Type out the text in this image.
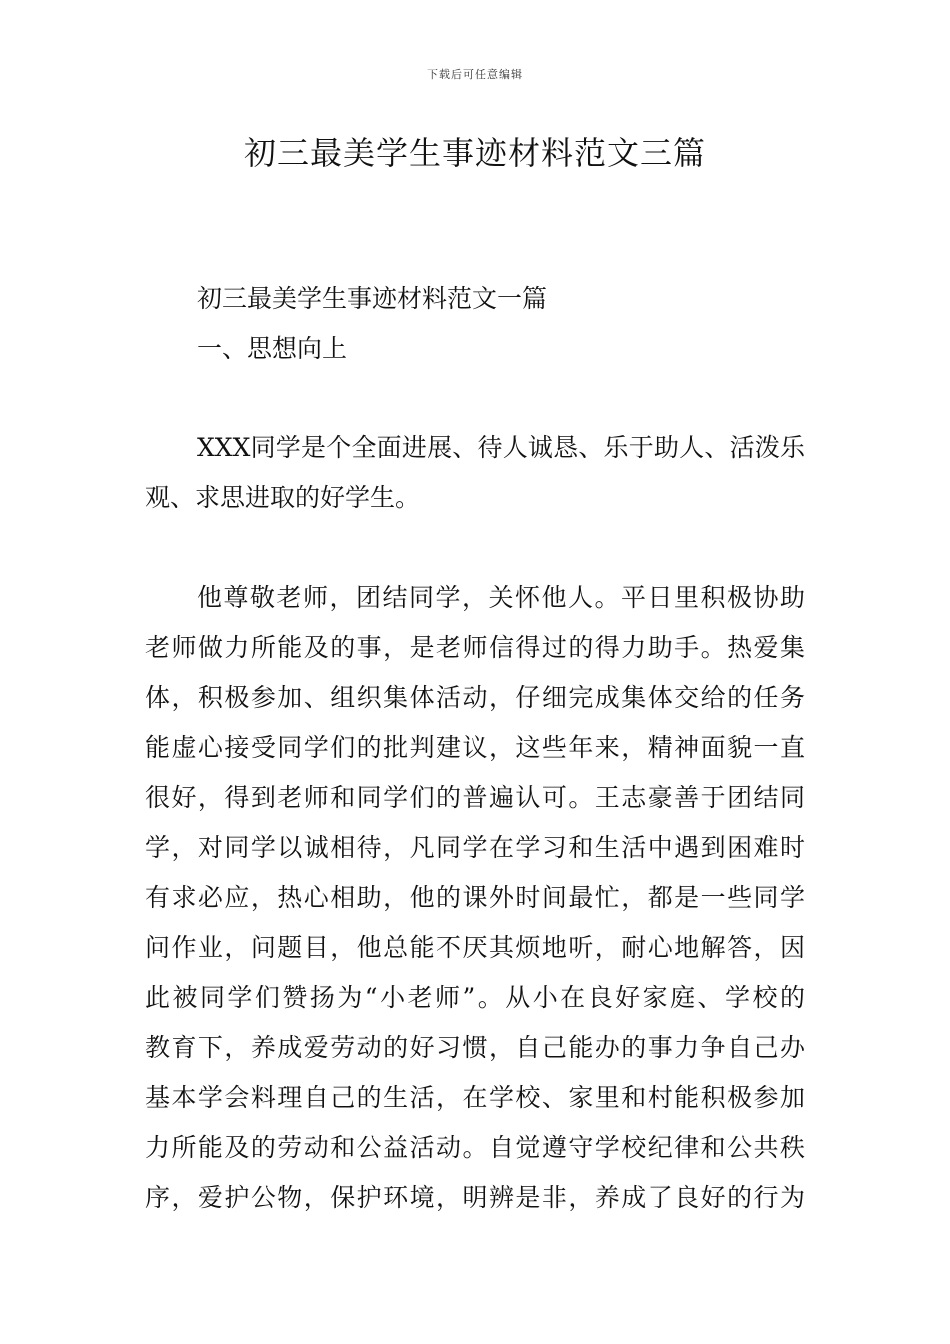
下载后可任意编辑
初三最美学生事迹材料范文三篇

初三最美学生事迹材料范文一篇

一、思想向上

XXX同学是个全面进展、待人诚恳、乐于助人、活泼乐

观、求思进取的好学生。

他尊敬老师，团结同学，关怀他人。平日里积极协助

老师做力所能及的事，是老师信得过的得力助手。热爱集

体，积极参加、组织集体活动，仔细完成集体交给的任务

能虚心接受同学们的批判建议，这些年来，精神面貌一直

很好，得到老师和同学们的普遍认可。王志豪善于团结同

学，对同学以诚相待，凡同学在学习和生活中遇到困难时

有求必应，热心相助，他的课外时间最忙，都是一些同学

问作业，问题目，他总能不厌其烦地听，耐心地解答，因

此被同学们赞扬为“小老师”。从小在良好家庭、学校的

教育下，养成爱劳动的好习惯，自己能办的事力争自己办

基本学会料理自己的生活，在学校、家里和村能积极参加

力所能及的劳动和公益活动。自觉遵守学校纪律和公共秩

序，爱护公物，保护环境，明辨是非，养成了良好的行为
